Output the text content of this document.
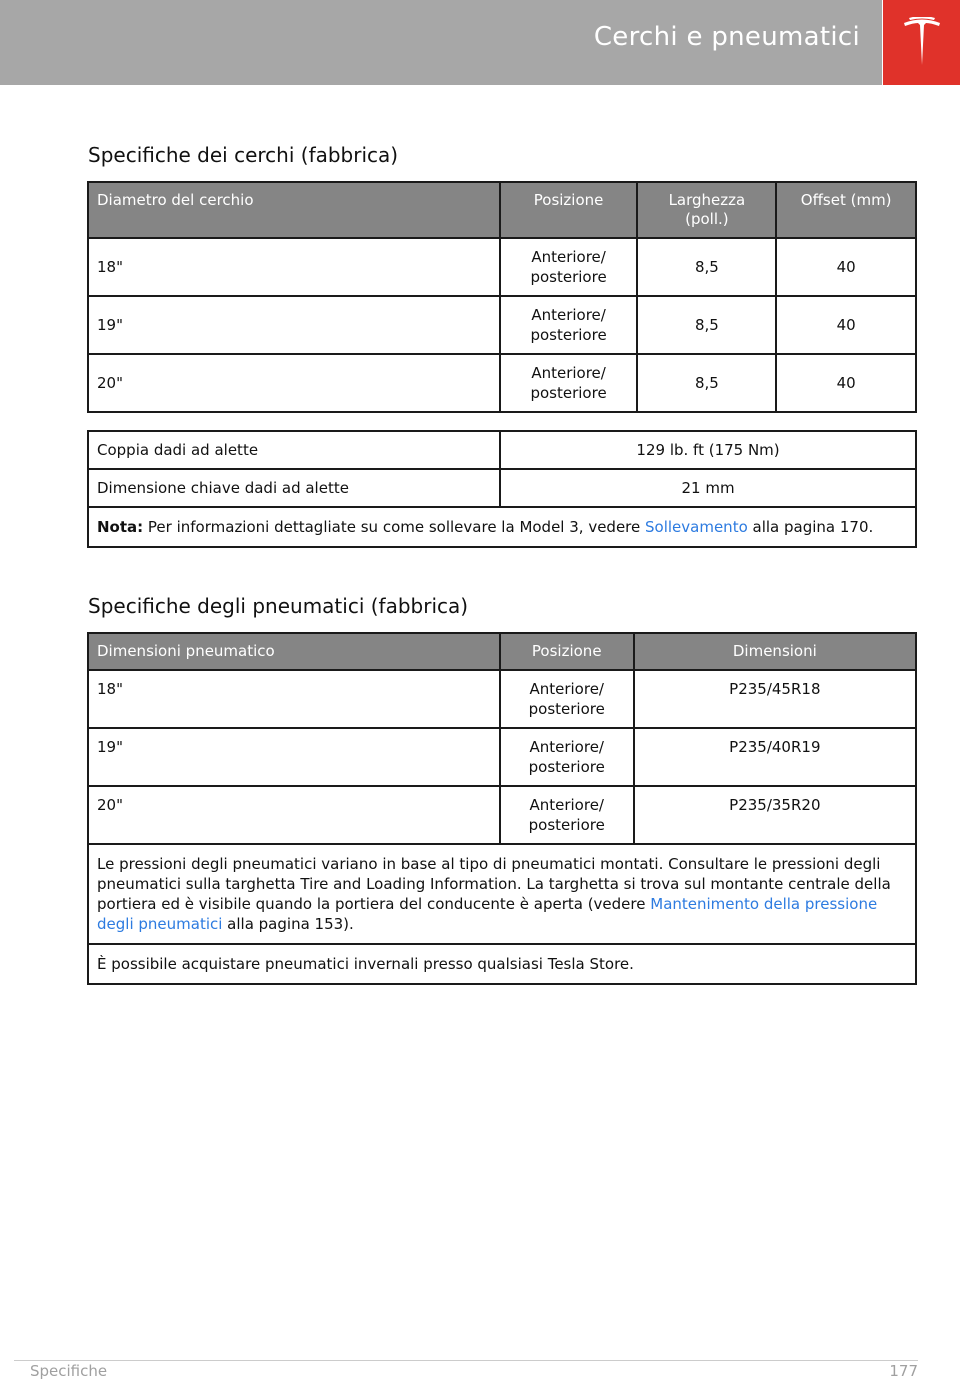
Cerchi e pneumatici
Specifiche dei cerchi (fabbrica)
Diametro del cerchio	Posizione	Larghezza (poll.)	Offset (mm)
18"	Anteriore/ posteriore	8,5	40
19"	Anteriore/ posteriore	8,5	40
20"	Anteriore/ posteriore	8,5	40
Coppia dadi ad alette	129 lb. ft (175 Nm)
Dimensione chiave dadi ad alette	21 mm
Nota: Per informazioni dettagliate su come sollevare la Model 3, vedere Sollevamento alla pagina 170.	
Specifiche degli pneumatici (fabbrica)
Dimensioni pneumatico	Posizione	Dimensioni
18"	Anteriore/ posteriore	P235/45R18
19"	Anteriore/ posteriore	P235/40R19
20"	Anteriore/ posteriore	P235/35R20
Le pressioni degli pneumatici variano in base al tipo di pneumatici montati. Consultare le pressioni degli pneumatici sulla targhetta Tire and Loading Information. La targhetta si trova sul montante centrale della portiera ed è visibile quando la portiera del conducente è aperta (vedere Mantenimento della pressione degli pneumatici alla pagina 153).		
È possibile acquistare pneumatici invernali presso qualsiasi Tesla Store.		
Specifiche	177
